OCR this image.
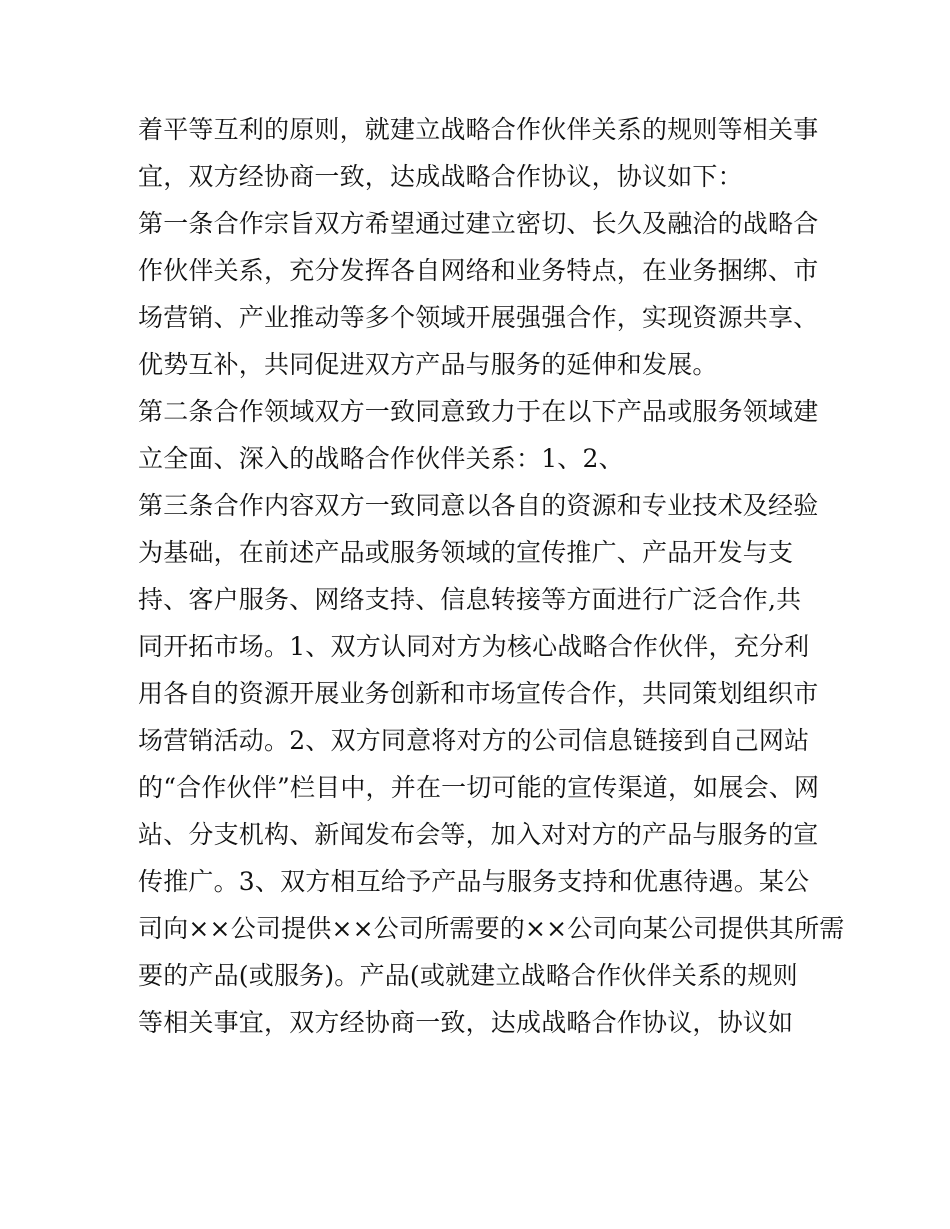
着平等互利的原则，就建立战略合作伙伴关系的规则等相关事
宜，双方经协商一致，达成战略合作协议，协议如下：
第一条合作宗旨双方希望通过建立密切、长久及融洽的战略合
作伙伴关系，充分发挥各自网络和业务特点，在业务捆绑、市
场营销、产业推动等多个领域开展强强合作，实现资源共享、
优势互补，共同促进双方产品与服务的延伸和发展。
第二条合作领域双方一致同意致力于在以下产品或服务领域建
立全面、深入的战略合作伙伴关系：1、2、
第三条合作内容双方一致同意以各自的资源和专业技术及经验
为基础，在前述产品或服务领域的宣传推广、产品开发与支
持、客户服务、网络支持、信息转接等方面进行广泛合作,共
同开拓市场。1、双方认同对方为核心战略合作伙伴，充分利
用各自的资源开展业务创新和市场宣传合作，共同策划组织市
场营销活动。2、双方同意将对方的公司信息链接到自己网站
的“合作伙伴”栏目中，并在一切可能的宣传渠道，如展会、网
站、分支机构、新闻发布会等，加入对对方的产品与服务的宣
传推广。3、双方相互给予产品与服务支持和优惠待遇。某公
司向××公司提供××公司所需要的××公司向某公司提供其所需
要的产品(或服务)。产品(或就建立战略合作伙伴关系的规则
等相关事宜，双方经协商一致，达成战略合作协议，协议如
